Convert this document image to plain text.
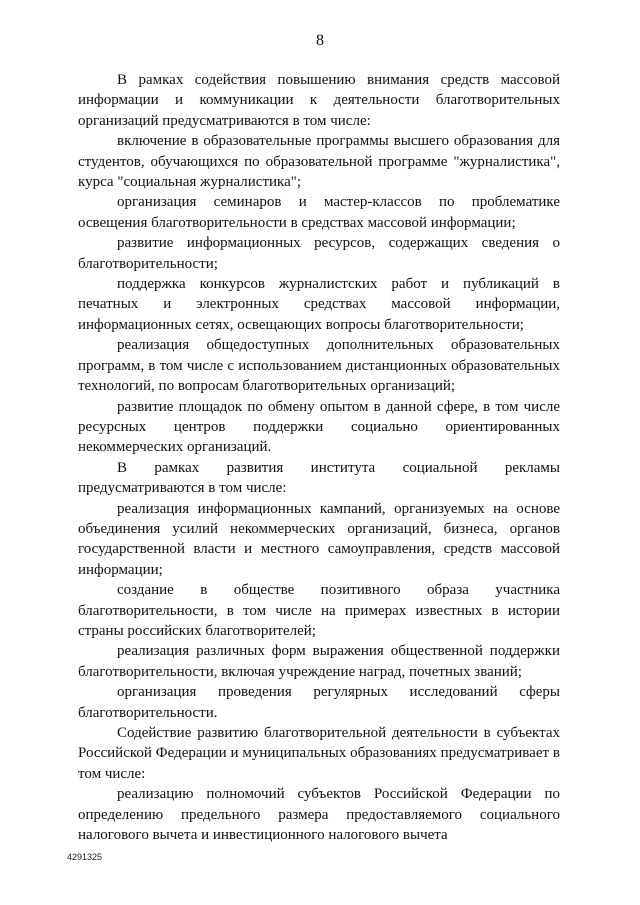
8

В рамках содействия повышению внимания средств массовой информации и коммуникации к деятельности благотворительных организаций предусматриваются в том числе:

включение в образовательные программы высшего образования для студентов, обучающихся по образовательной программе "журналистика", курса "социальная журналистика";

организация семинаров и мастер-классов по проблематике освещения благотворительности в средствах массовой информации;

развитие информационных ресурсов, содержащих сведения о благотворительности;

поддержка конкурсов журналистских работ и публикаций в печатных и электронных средствах массовой информации, информационных сетях, освещающих вопросы благотворительности;

реализация общедоступных дополнительных образовательных программ, в том числе с использованием дистанционных образовательных технологий, по вопросам благотворительных организаций;

развитие площадок по обмену опытом в данной сфере, в том числе ресурсных центров поддержки социально ориентированных некоммерческих организаций.

В рамках развития института социальной рекламы предусматриваются в том числе:

реализация информационных кампаний, организуемых на основе объединения усилий некоммерческих организаций, бизнеса, органов государственной власти и местного самоуправления, средств массовой информации;

создание в обществе позитивного образа участника благотворительности, в том числе на примерах известных в истории страны российских благотворителей;

реализация различных форм выражения общественной поддержки благотворительности, включая учреждение наград, почетных званий;

организация проведения регулярных исследований сферы благотворительности.

Содействие развитию благотворительной деятельности в субъектах Российской Федерации и муниципальных образованиях предусматривает в том числе:

реализацию полномочий субъектов Российской Федерации по определению предельного размера предоставляемого социального налогового вычета и инвестиционного налогового вычета

4291325
